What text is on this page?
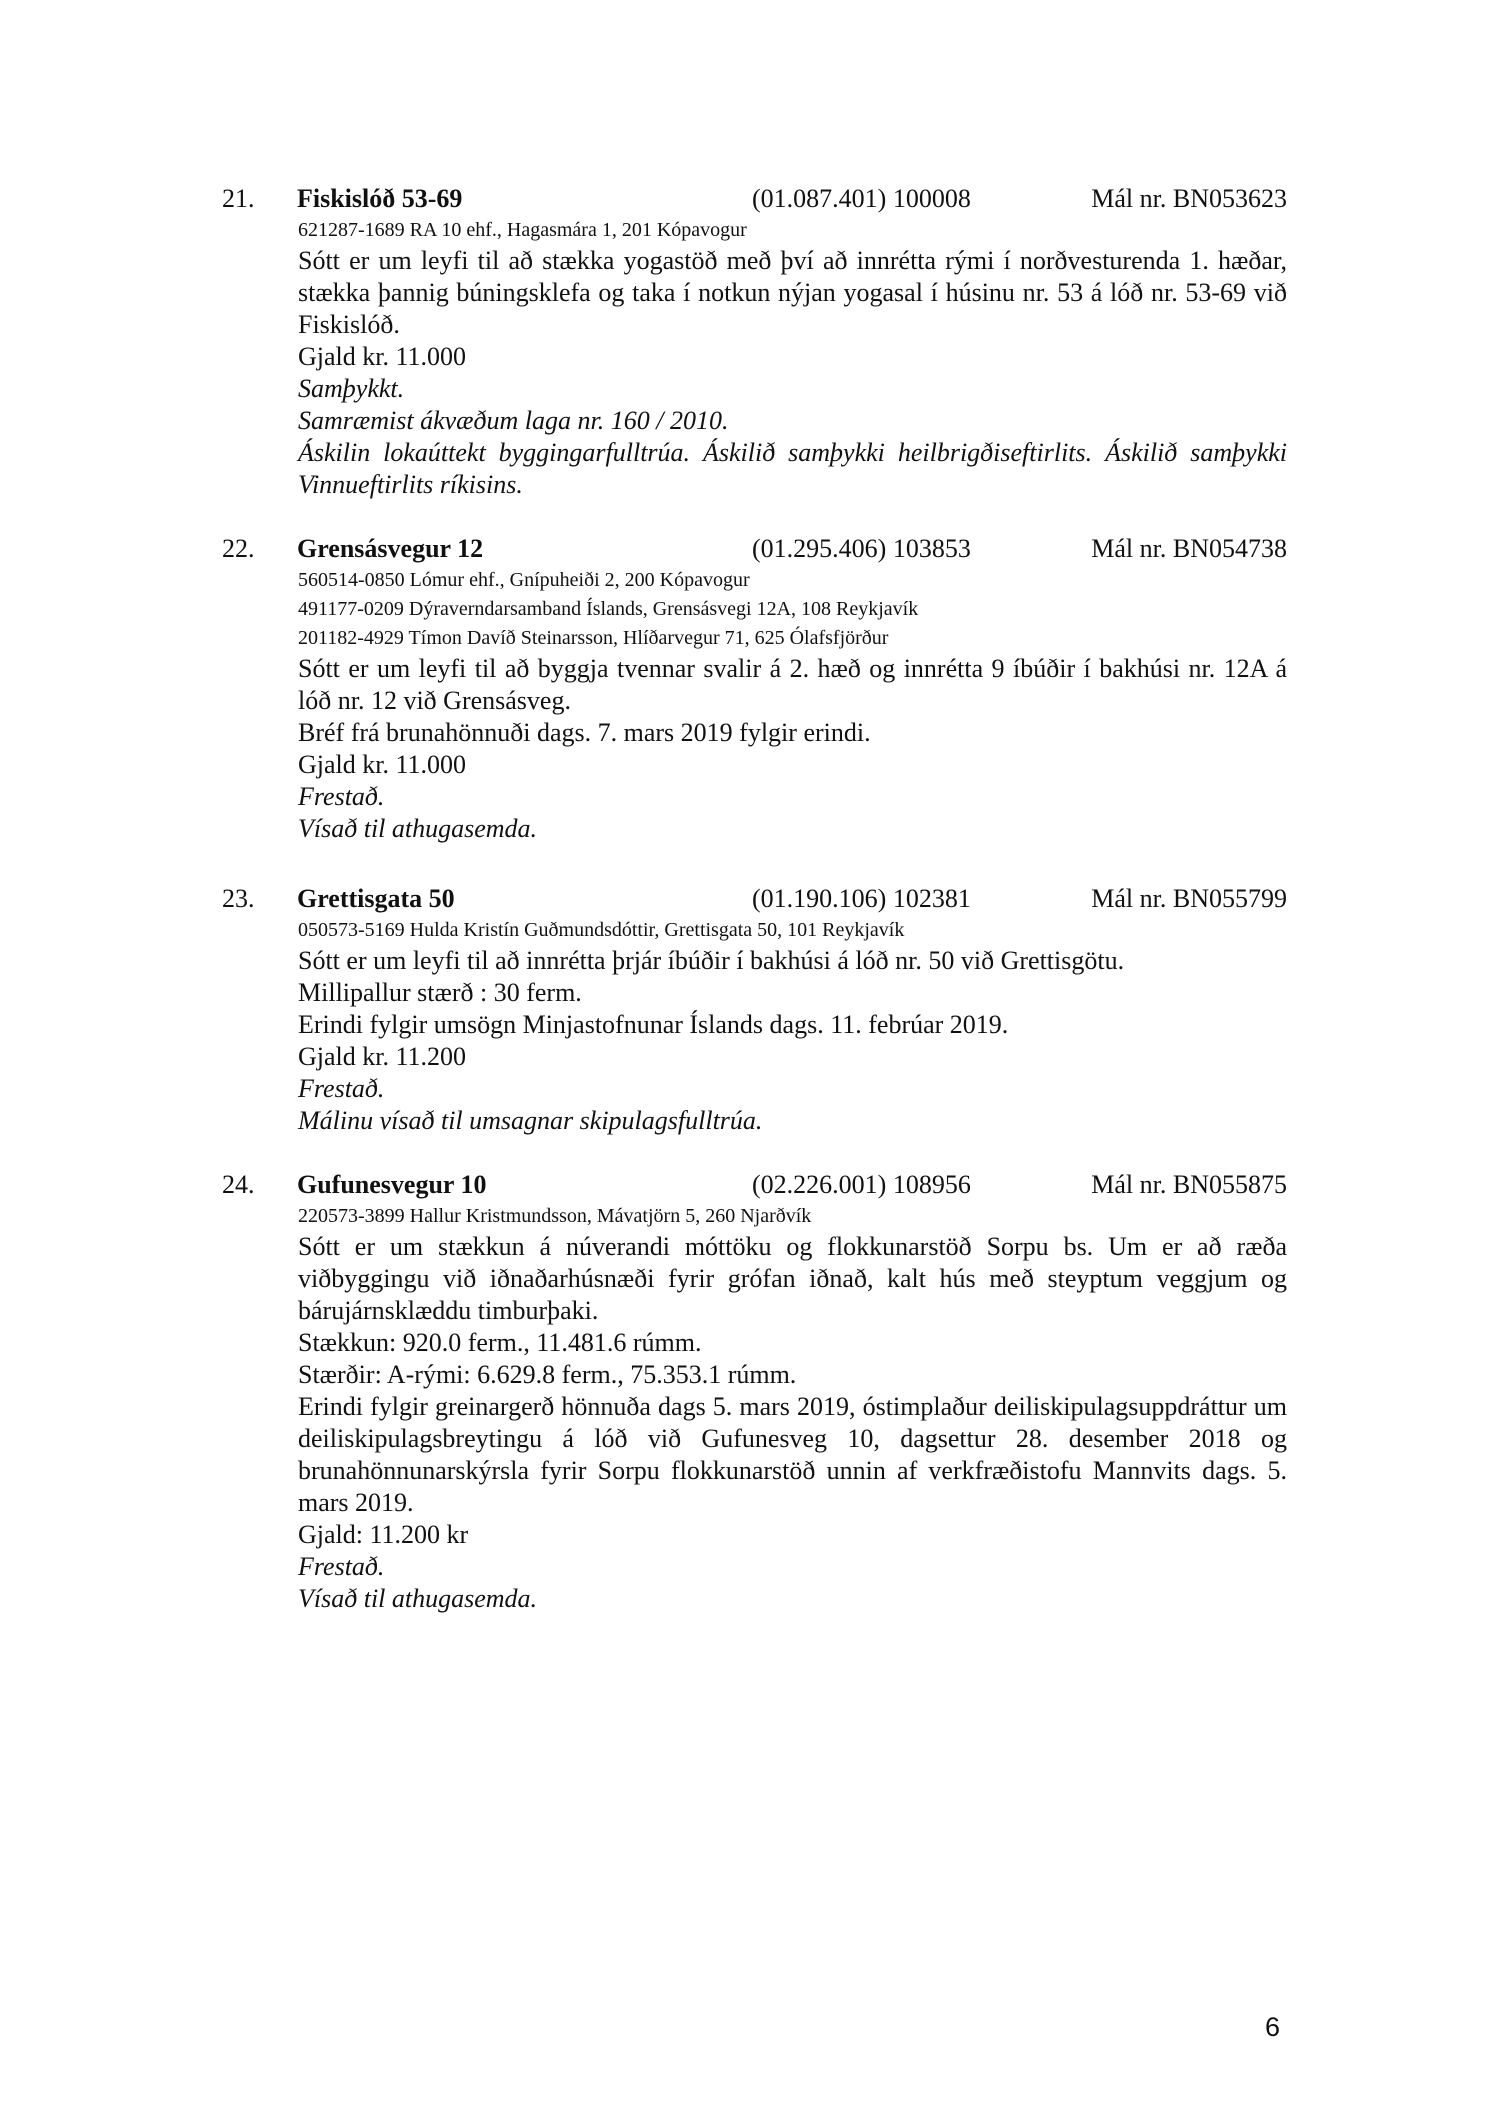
21. Fiskislóð 53-69	(01.087.401) 100008	Mál nr. BN053623
621287-1689 RA 10 ehf., Hagasmára 1, 201 Kópavogur
Sótt er um leyfi til að stækka yogastöð með því að innrétta rými í norðvesturenda 1. hæðar, stækka þannig búningsklefa og taka í notkun nýjan yogasal í húsinu nr. 53 á lóð nr. 53-69 við Fiskislóð.
Gjald kr. 11.000
Samþykkt.
Samræmist ákvæðum laga nr. 160 / 2010.
Áskilin lokaúttekt byggingarfulltrúa. Áskilið samþykki heilbrigðiseftirlits. Áskilið samþykki Vinnueftirlits ríkisins.
22. Grensásvegur 12	(01.295.406) 103853	Mál nr. BN054738
560514-0850 Lómur ehf., Gnípuheiði 2, 200 Kópavogur
491177-0209 Dýraverndarsamband Íslands, Grensásvegi 12A, 108 Reykjavík
201182-4929 Tímon Davíð Steinarsson, Hlíðarvegur 71, 625 Ólafsfjörður
Sótt er um leyfi til að byggja tvennar svalir á 2. hæð og innrétta 9 íbúðir í bakhúsi nr. 12A á lóð nr. 12 við Grensásveg.
Bréf frá brunahönnuði dags. 7. mars 2019 fylgir erindi.
Gjald kr. 11.000
Frestað.
Vísað til athugasemda.
23. Grettisgata 50	(01.190.106) 102381	Mál nr. BN055799
050573-5169 Hulda Kristín Guðmundsdóttir, Grettisgata 50, 101 Reykjavík
Sótt er um leyfi til að innrétta þrjár íbúðir í bakhúsi á lóð nr. 50 við Grettisgötu.
Millipallur stærð : 30 ferm.
Erindi fylgir umsögn Minjastofnunar Íslands dags. 11. febrúar 2019.
Gjald kr. 11.200
Frestað.
Málinu vísað til umsagnar skipulagsfulltrúa.
24. Gufunesvegur 10	(02.226.001) 108956	Mál nr. BN055875
220573-3899 Hallur Kristmundsson, Mávatjörn 5, 260 Njarðvík
Sótt er um stækkun á núverandi móttöku og flokkunarstöð Sorpu bs. Um er að ræða viðbyggingu við iðnaðarhúsnæði fyrir grófan iðnað, kalt hús með steyptum veggjum og bárujárnsklæddu timburþaki.
Stækkun: 920.0 ferm., 11.481.6 rúmm.
Stærðir: A-rými: 6.629.8 ferm., 75.353.1 rúmm.
Erindi fylgir greinargerð hönnuða dags 5. mars 2019, óstimplaður deiliskipulagsuppdráttur um deiliskipulagsbreytingu á lóð við Gufunesveg 10, dagsettur 28. desember 2018 og brunahönnunarskýrsla fyrir Sorpu flokkunarstöð unnin af verkfræðistofu Mannvits dags. 5. mars 2019.
Gjald: 11.200 kr
Frestað.
Vísað til athugasemda.
6
